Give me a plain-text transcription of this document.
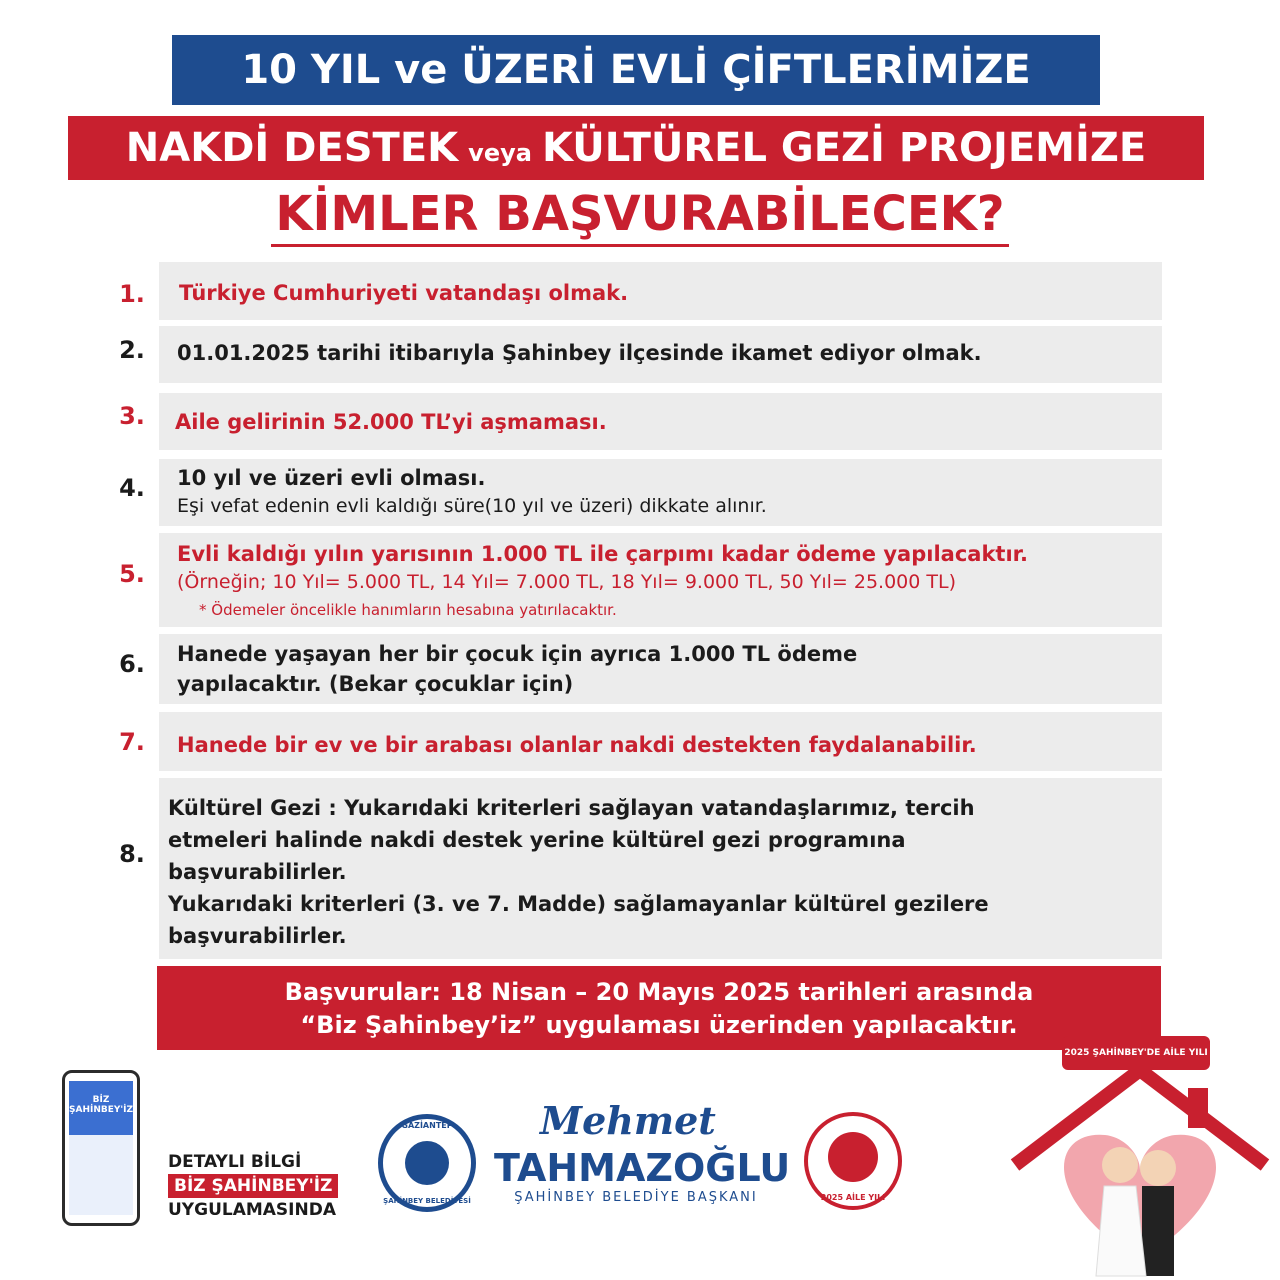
10 YIL ve ÜZERİ EVLİ ÇİFTLERİMİZE
NAKDİ DESTEK veya KÜLTÜREL GEZİ PROJEMİZE
KİMLER BAŞVURABİLECEK?
1.	Türkiye Cumhuriyeti vatandaşı olmak.
2.	01.01.2025 tarihi itibarıyla Şahinbey ilçesinde ikamet ediyor olmak.
3.	Aile gelirinin 52.000 TL’yi aşmaması.
4.	10 yıl ve üzeri evli olması.
Eşi vefat edenin evli kaldığı süre(10 yıl ve üzeri) dikkate alınır.
5.
Evli kaldığı yılın yarısının 1.000 TL ile çarpımı kadar ödeme yapılacaktır.
(Örneğin; 10 Yıl= 5.000 TL, 14 Yıl= 7.000 TL, 18 Yıl= 9.000 TL, 50 Yıl= 25.000 TL)
* Ödemeler öncelikle hanımların hesabına yatırılacaktır.
6.	Hanede yaşayan her bir çocuk için ayrıca 1.000 TL ödeme
yapılacaktır. (Bekar çocuklar için)
7.	Hanede bir ev ve bir arabası olanlar nakdi destekten faydalanabilir.
8.
Kültürel Gezi : Yukarıdaki kriterleri sağlayan vatandaşlarımız, tercih
etmeleri halinde nakdi destek yerine kültürel gezi programına
başvurabilirler.
Yukarıdaki kriterleri (3. ve 7. Madde) sağlamayanlar kültürel gezilere
başvurabilirler.
Başvurular: 18 Nisan – 20 Mayıs 2025 tarihleri arasında
“Biz Şahinbey’iz” uygulaması üzerinden yapılacaktır.
BİZ ŞAHİNBEY'İZ
DETAYLI BİLGİ
BİZ ŞAHİNBEY'İZ
UYGULAMASINDA
GAZİANTEP
ŞAHİNBEY BELEDİYESİ
Mehmet
TAHMAZOĞLU
ŞAHİNBEY BELEDİYE BAŞKANI	2025 AİLE YILI
2025 ŞAHİNBEY'DE AİLE YILI
